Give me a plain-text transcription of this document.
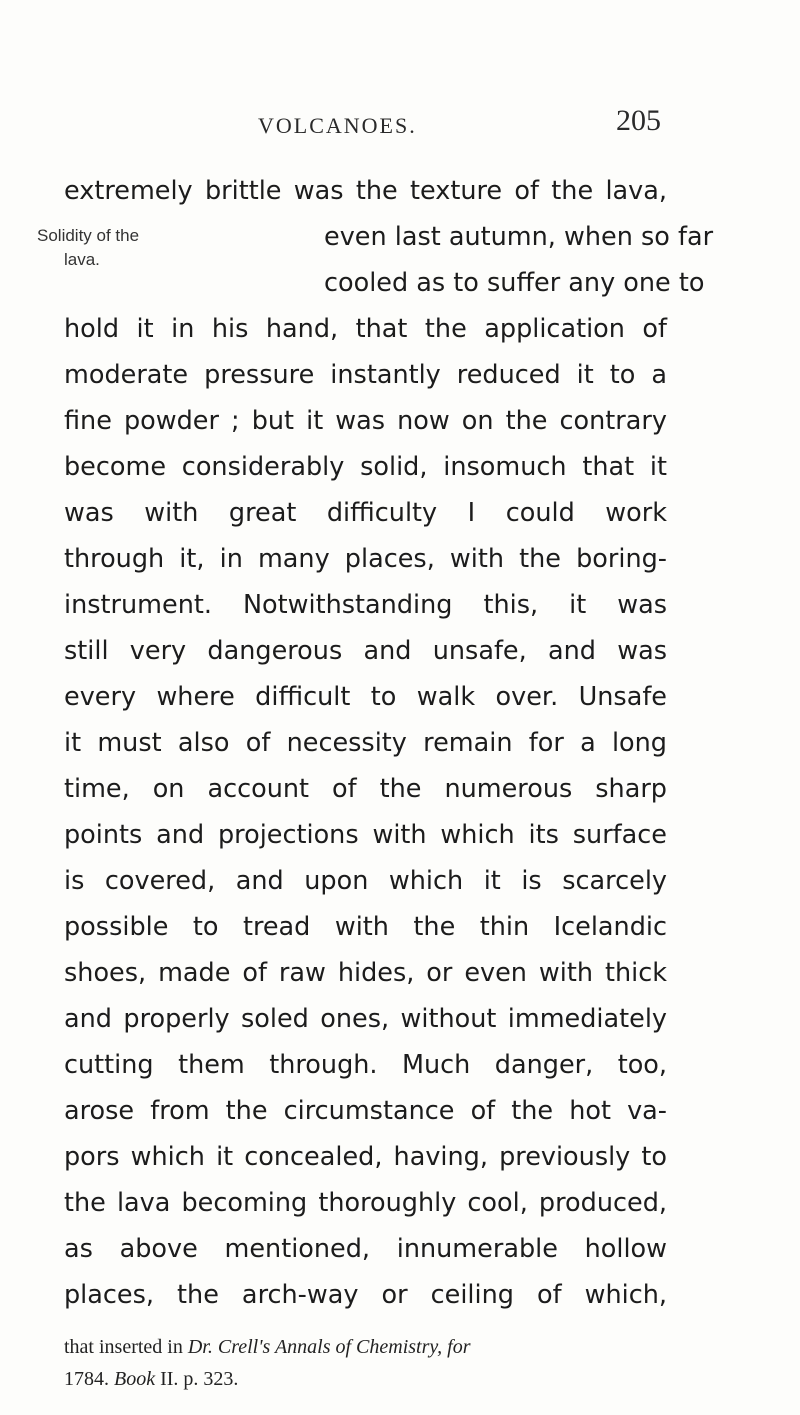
VOLCANOES.	205
Solidity of the
lava.
extremely brittle was the texture of the lava,
even last autumn, when so far
cooled as to suffer any one to
hold it in his hand, that the application of
moderate pressure instantly reduced it to a
fine powder ; but it was now on the contrary
become considerably solid, insomuch that it
was with great difficulty I could work
through it, in many places, with the boring-
instrument. Notwithstanding this, it was
still very dangerous and unsafe, and was
every where difficult to walk over. Unsafe
it must also of necessity remain for a long
time, on account of the numerous sharp
points and projections with which its surface
is covered, and upon which it is scarcely
possible to tread with the thin Icelandic
shoes, made of raw hides, or even with thick
and properly soled ones, without immediately
cutting them through. Much danger, too,
arose from the circumstance of the hot va-
pors which it concealed, having, previously to
the lava becoming thoroughly cool, produced,
as above mentioned, innumerable hollow
places, the arch-way or ceiling of which,
that inserted in Dr. Crell's Annals of Chemistry, for
1784. Book II. p. 323.
